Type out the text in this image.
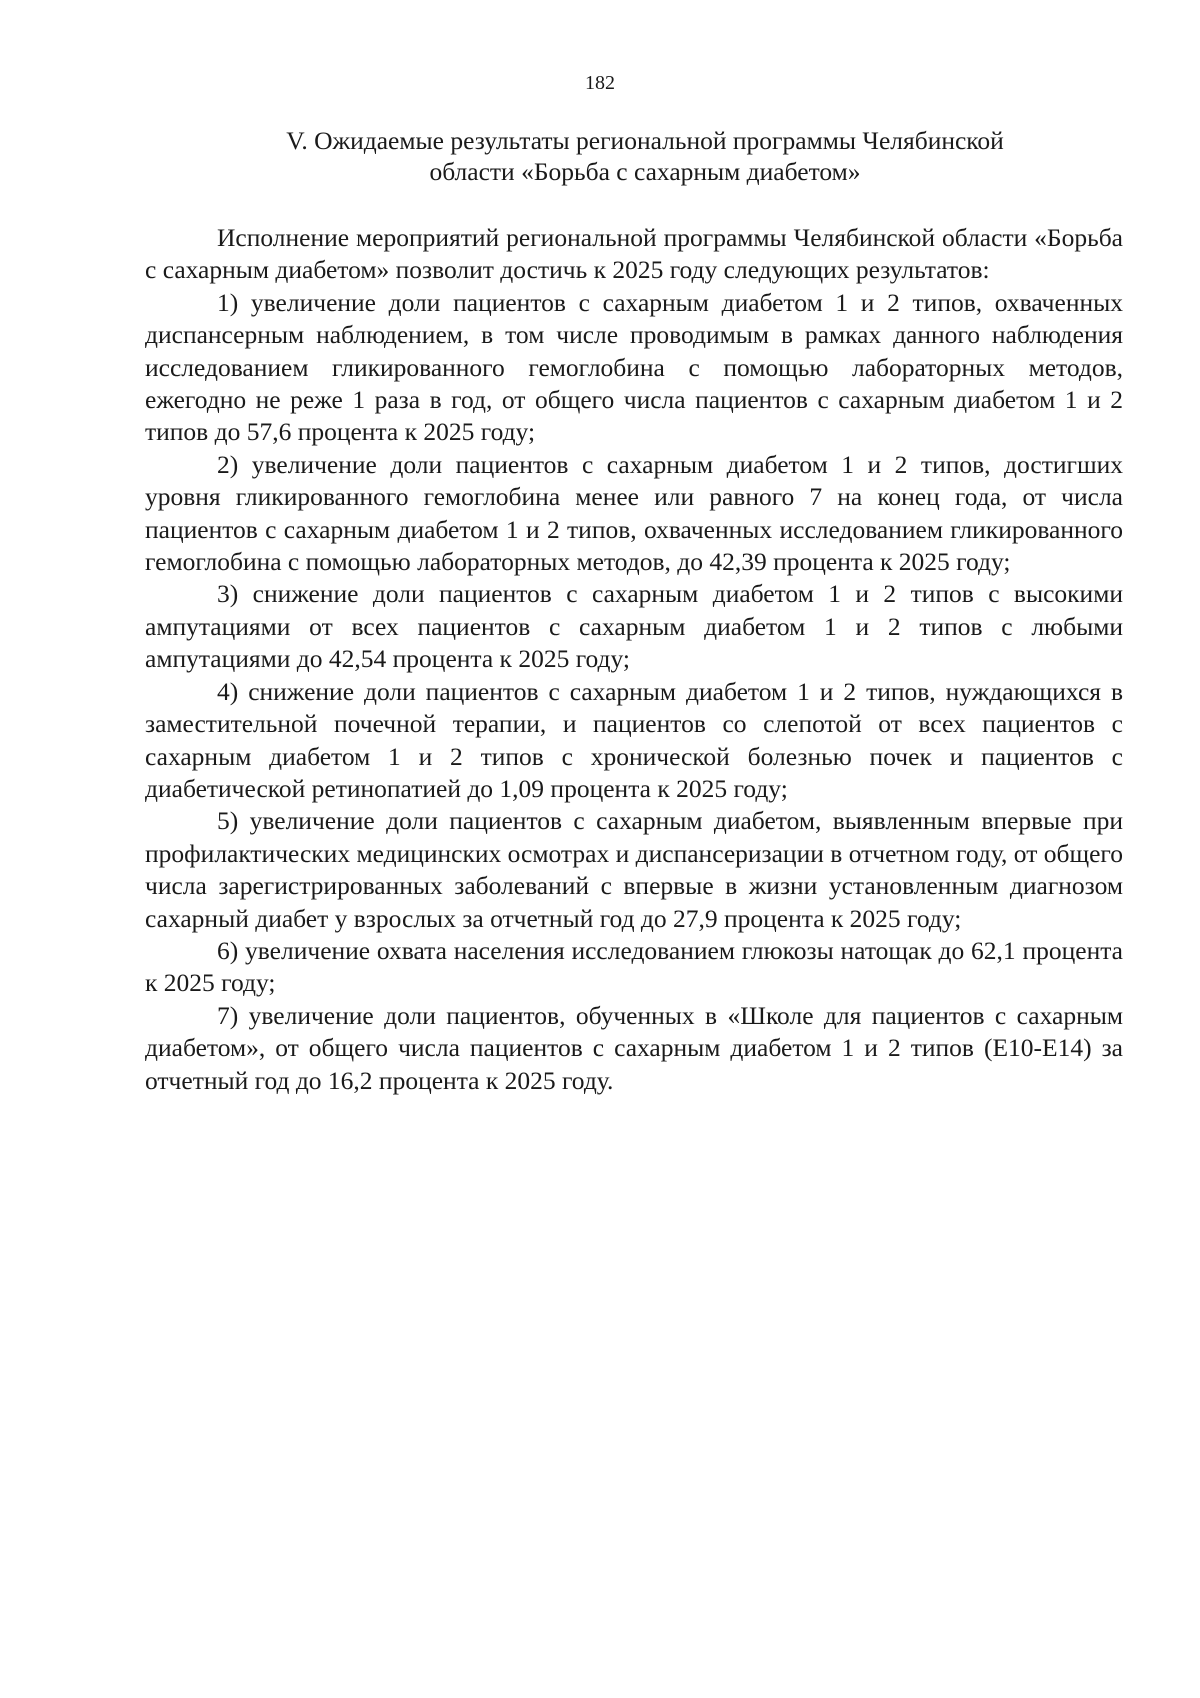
182
V. Ожидаемые результаты региональной программы Челябинской
области «Борьба с сахарным диабетом»

Исполнение мероприятий региональной программы Челябинской области «Борьба с сахарным диабетом» позволит достичь к 2025 году следующих результатов:

1) увеличение доли пациентов с сахарным диабетом 1 и 2 типов, охваченных диспансерным наблюдением, в том числе проводимым в рамках данного наблюдения исследованием гликированного гемоглобина с помощью лабораторных методов, ежегодно не реже 1 раза в год, от общего числа пациентов с сахарным диабетом 1 и 2 типов до 57,6 процента к 2025 году;

2) увеличение доли пациентов с сахарным диабетом 1 и 2 типов, достигших уровня гликированного гемоглобина менее или равного 7 на конец года, от числа пациентов с сахарным диабетом 1 и 2 типов, охваченных исследованием гликированного гемоглобина с помощью лабораторных методов, до 42,39 процента к 2025 году;

3) снижение доли пациентов с сахарным диабетом 1 и 2 типов с высокими ампутациями от всех пациентов с сахарным диабетом 1 и 2 типов с любыми ампутациями до 42,54 процента к 2025 году;

4) снижение доли пациентов с сахарным диабетом 1 и 2 типов, нуждающихся в заместительной почечной терапии, и пациентов со слепотой от всех пациентов с сахарным диабетом 1 и 2 типов с хронической болезнью почек и пациентов с диабетической ретинопатией до 1,09 процента к 2025 году;

5) увеличение доли пациентов с сахарным диабетом, выявленным впервые при профилактических медицинских осмотрах и диспансеризации в отчетном году, от общего числа зарегистрированных заболеваний с впервые в жизни установленным диагнозом сахарный диабет у взрослых за отчетный год до 27,9 процента к 2025 году;

6) увеличение охвата населения исследованием глюкозы натощак до 62,1 процента к 2025 году;

7) увеличение доли пациентов, обученных в «Школе для пациентов с сахарным диабетом», от общего числа пациентов с сахарным диабетом 1 и 2 типов (Е10-Е14) за отчетный год до 16,2 процента к 2025 году.
